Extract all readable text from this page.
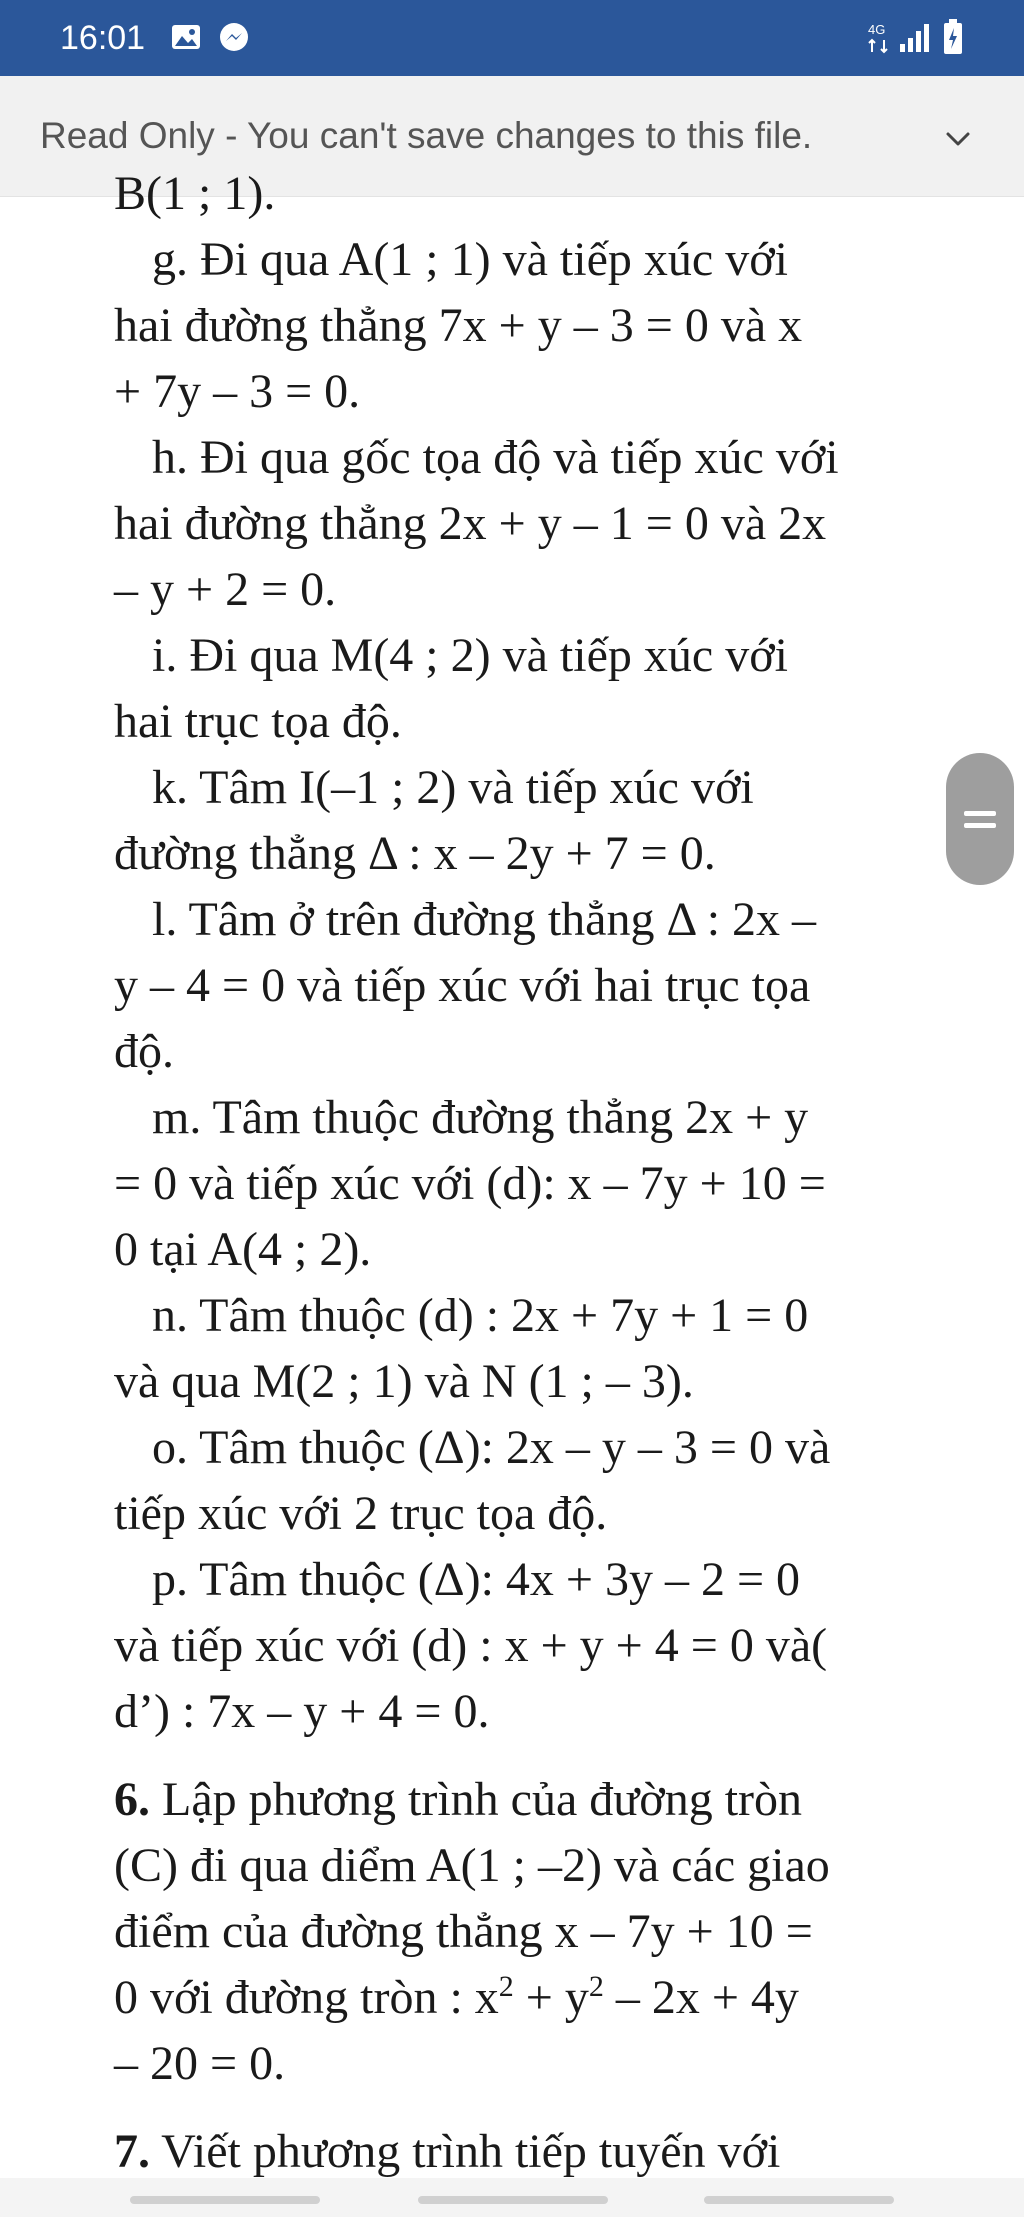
16:01	4G
Read Only - You can't save changes to this file.
B(1 ; 1).
g. Đi qua A(1 ; 1) và tiếp xúc với
hai đường thẳng 7x + y – 3 = 0 và x
+ 7y – 3 = 0.
h. Đi qua gốc tọa độ và tiếp xúc với
hai đường thẳng 2x + y – 1 = 0 và 2x
– y + 2 = 0.
i. Đi qua M(4 ; 2) và tiếp xúc với
hai trục tọa độ.
k. Tâm I(–1 ; 2) và tiếp xúc với
đường thẳng Δ : x – 2y + 7 = 0.
l. Tâm ở trên đường thẳng Δ : 2x –
y – 4 = 0 và tiếp xúc với hai trục tọa
độ.
m. Tâm thuộc đường thẳng 2x + y
= 0 và tiếp xúc với (d): x – 7y + 10 =
0 tại A(4 ; 2).
n. Tâm thuộc (d) : 2x + 7y + 1 = 0
và qua M(2 ; 1) và N (1 ; – 3).
o. Tâm thuộc (Δ): 2x – y – 3 = 0 và
tiếp xúc với 2 trục tọa độ.
p. Tâm thuộc (Δ): 4x + 3y – 2 = 0
và tiếp xúc với (d) : x + y + 4 = 0 và(
d’) : 7x – y + 4 = 0.
6. Lập phương trình của đường tròn
(C) đi qua diểm A(1 ; –2) và các giao
điểm của đường thẳng x – 7y + 10 =
0 với đường tròn : $x^2 + y^2 - 2x + 4y$
– 20 = 0.
7. Viết phương trình tiếp tuyến với
